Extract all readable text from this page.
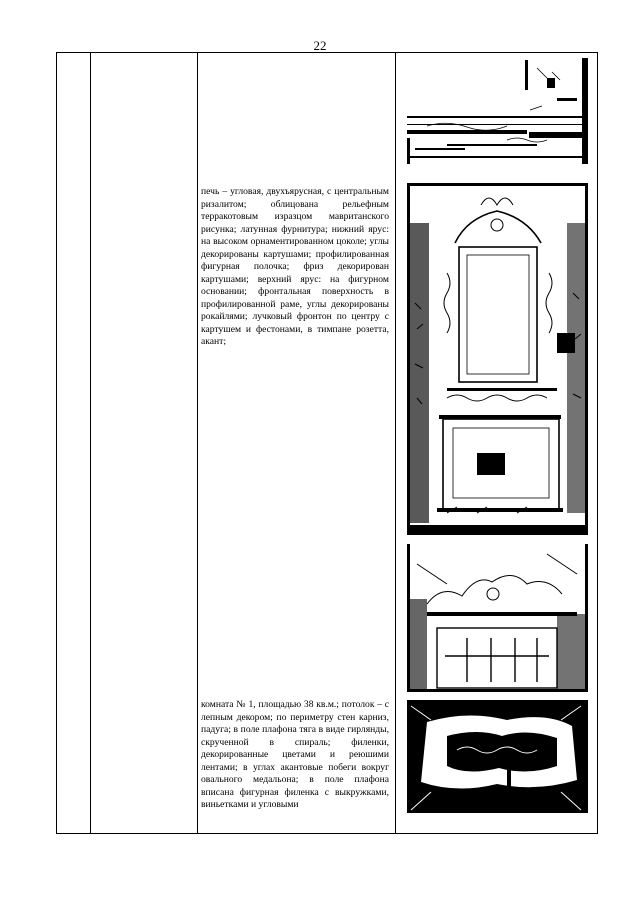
22
печь – угловая, двухъярусная, с центральным ризалитом; облицована рельефным терракотовым изразцом мавританского рисунка; латунная фурнитура; нижний ярус: на высоком орнаментированном цоколе; углы декорированы картушами; профилированная фигурная полочка; фриз декорирован картушами; верхний ярус: на фигурном основании; фронтальная поверхность в профилированной раме, углы декорированы рокайлями; лучковый фронтон по центру с картушем и фестонами, в тимпане розетта, акант;
комната № 1, площадью 38 кв.м.; потолок – с лепным декором; по периметру стен карниз, падуга; в поле плафона тяга в виде гирлянды, скрученной в спираль; филенки, декорированные цветами и реюшими лентами; в углах акантовые побеги вокруг овального медальона; в поле плафона вписана фигурная филенка с выкружками, виньетками и угловыми
